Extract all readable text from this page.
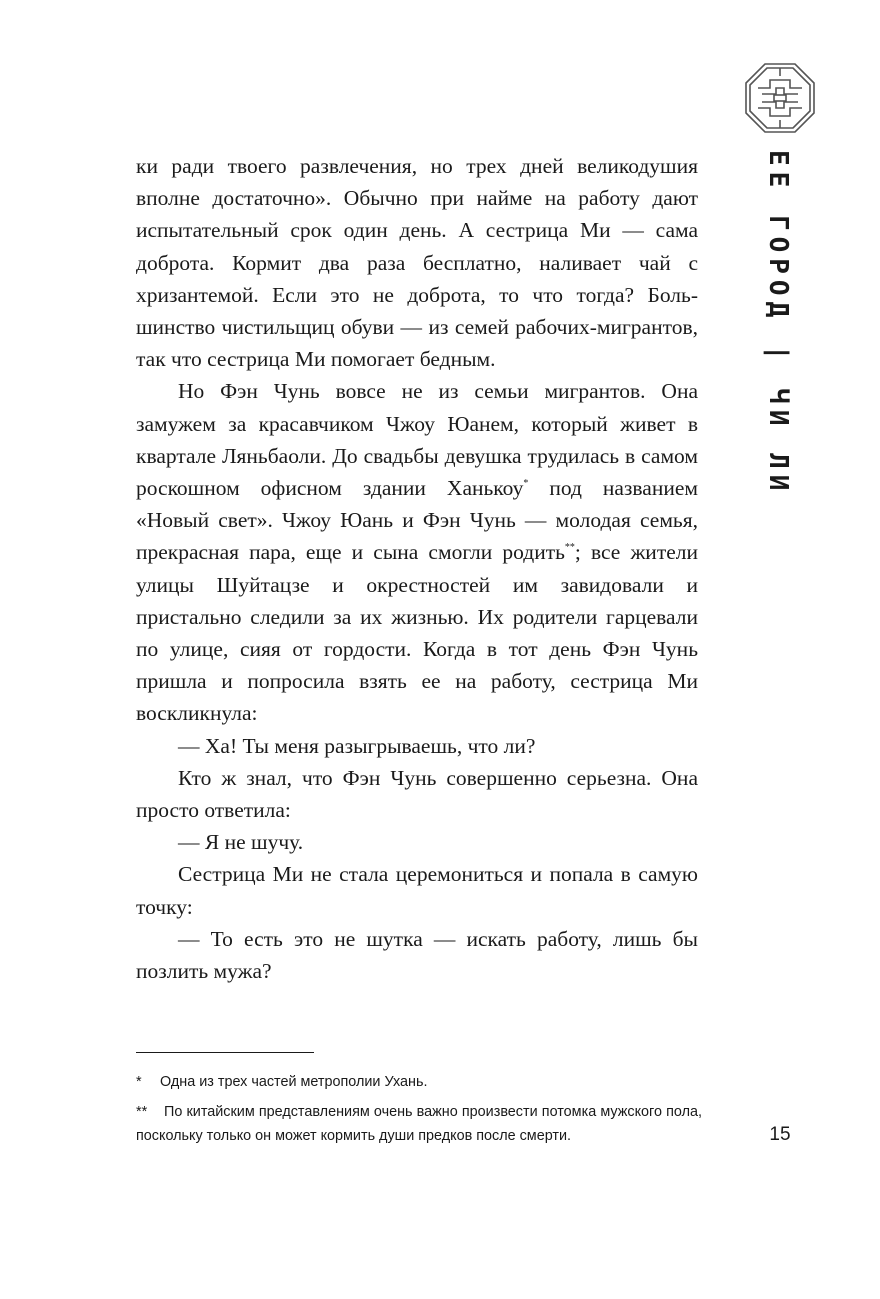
ЕЕ ГОРОД | ЧИ ЛИ

ки ради твоего развлечения, но трех дней великодушия вполне достаточно». Обычно при найме на работу дают испытательный срок один день. А сестрица Ми — сама доброта. Кормит два раза бесплатно, наливает чай с хризантемой. Если это не доброта, то что тогда? Большинство чистильщиц обуви — из семей рабочих-мигрантов, так что сестрица Ми помогает бедным.

Но Фэн Чунь вовсе не из семьи мигрантов. Она замужем за красавчиком Чжоу Юанем, который живет в квартале Ляньбаоли. До свадьбы девушка трудилась в самом роскошном офисном здании Ханькоу* под названием «Новый свет». Чжоу Юань и Фэн Чунь — молодая семья, прекрасная пара, еще и сына смогли родить**; все жители улицы Шуйтацзе и окрестностей им завидовали и пристально следили за их жизнью. Их родители гарцевали по улице, сияя от гордости. Когда в тот день Фэн Чунь пришла и попросила взять ее на работу, сестрица Ми воскликнула:

— Ха! Ты меня разыгрываешь, что ли?

Кто ж знал, что Фэн Чунь совершенно серьезна. Она просто ответила:

— Я не шучу.

Сестрица Ми не стала церемониться и попала в самую точку:

— То есть это не шутка — искать работу, лишь бы позлить мужа?

* Одна из трех частей метрополии Ухань.
** По китайским представлениям очень важно произвести потомка мужского пола, поскольку только он может кормить души предков после смерти.	15
